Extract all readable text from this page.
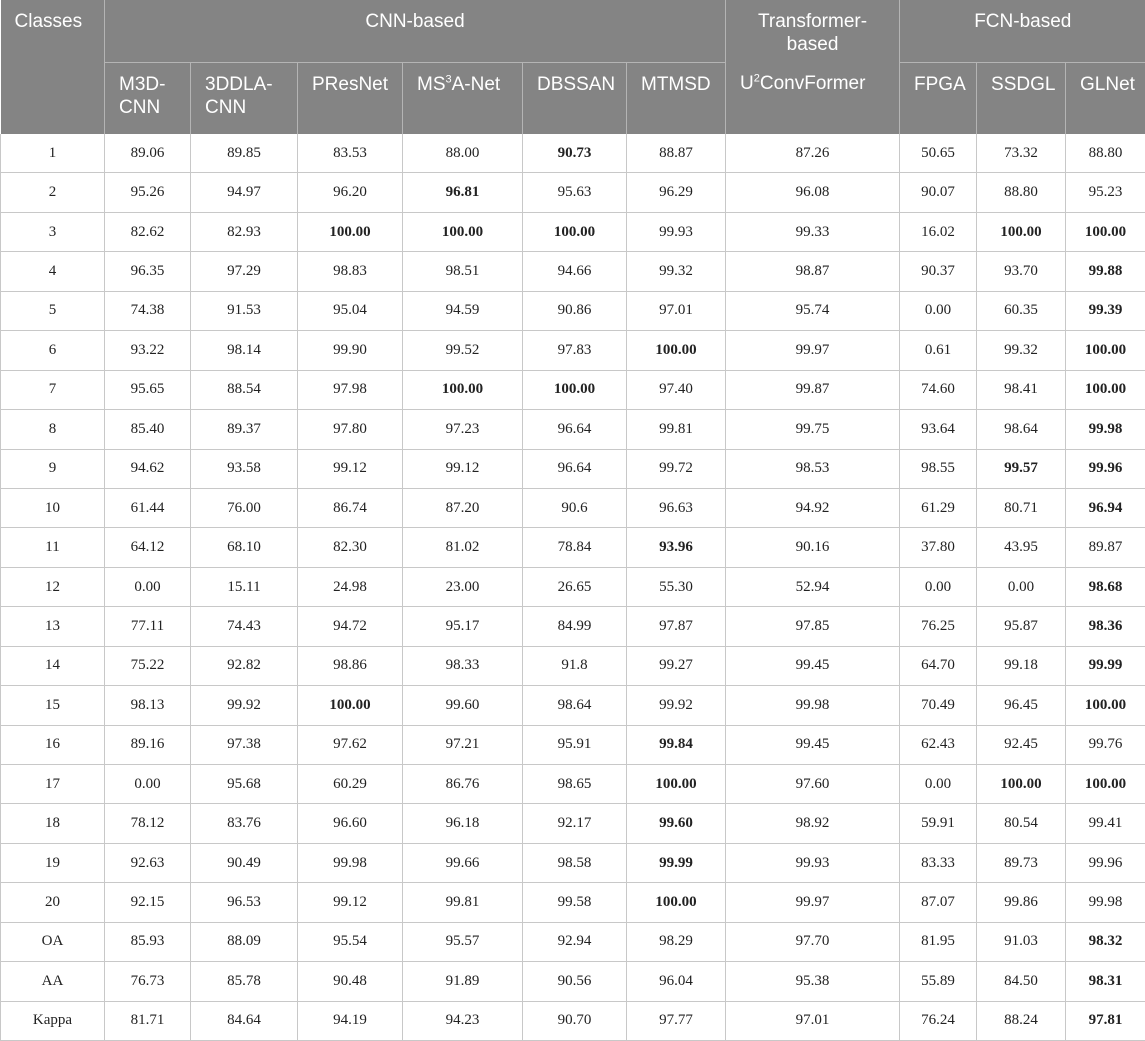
Classes	CNN-based						Transformer-based	FCN-based		
	M3D-CNN	3DDLA-CNN	PResNet	$MS^3A$-Net	DBSSAN	MTMSD	$U^2ConvFormer$	FPGA	SSDGL	GLNet
1	89.06	89.85	83.53	88.00	90.73	88.87	87.26	50.65	73.32	88.80
2	95.26	94.97	96.20	96.81	95.63	96.29	96.08	90.07	88.80	95.23
3	82.62	82.93	100.00	100.00	100.00	99.93	99.33	16.02	100.00	100.00
4	96.35	97.29	98.83	98.51	94.66	99.32	98.87	90.37	93.70	99.88
5	74.38	91.53	95.04	94.59	90.86	97.01	95.74	0.00	60.35	99.39
6	93.22	98.14	99.90	99.52	97.83	100.00	99.97	0.61	99.32	100.00
7	95.65	88.54	97.98	100.00	100.00	97.40	99.87	74.60	98.41	100.00
8	85.40	89.37	97.80	97.23	96.64	99.81	99.75	93.64	98.64	99.98
9	94.62	93.58	99.12	99.12	96.64	99.72	98.53	98.55	99.57	99.96
10	61.44	76.00	86.74	87.20	90.6	96.63	94.92	61.29	80.71	96.94
11	64.12	68.10	82.30	81.02	78.84	93.96	90.16	37.80	43.95	89.87
12	0.00	15.11	24.98	23.00	26.65	55.30	52.94	0.00	0.00	98.68
13	77.11	74.43	94.72	95.17	84.99	97.87	97.85	76.25	95.87	98.36
14	75.22	92.82	98.86	98.33	91.8	99.27	99.45	64.70	99.18	99.99
15	98.13	99.92	100.00	99.60	98.64	99.92	99.98	70.49	96.45	100.00
16	89.16	97.38	97.62	97.21	95.91	99.84	99.45	62.43	92.45	99.76
17	0.00	95.68	60.29	86.76	98.65	100.00	97.60	0.00	100.00	100.00
18	78.12	83.76	96.60	96.18	92.17	99.60	98.92	59.91	80.54	99.41
19	92.63	90.49	99.98	99.66	98.58	99.99	99.93	83.33	89.73	99.96
20	92.15	96.53	99.12	99.81	99.58	100.00	99.97	87.07	99.86	99.98
OA	85.93	88.09	95.54	95.57	92.94	98.29	97.70	81.95	91.03	98.32
AA	76.73	85.78	90.48	91.89	90.56	96.04	95.38	55.89	84.50	98.31
Kappa	81.71	84.64	94.19	94.23	90.70	97.77	97.01	76.24	88.24	97.81
